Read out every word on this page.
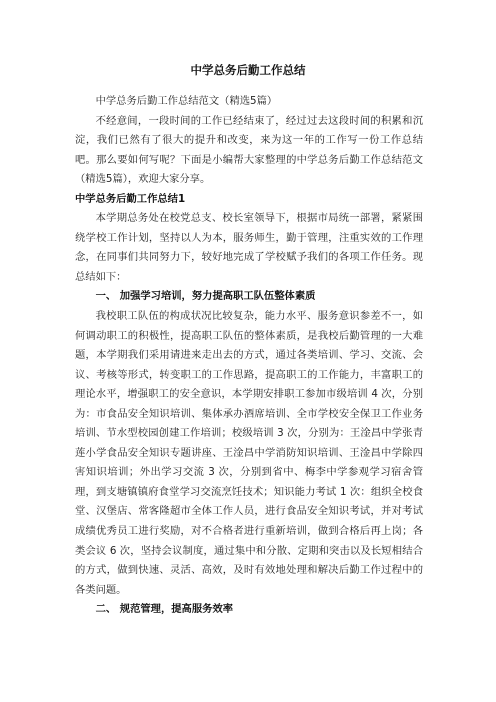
中学总务后勤工作总结

中学总务后勤工作总结范文（精选5篇）

不经意间，一段时间的工作已经结束了，经过过去这段时间的积累和沉淀，我们已然有了很大的提升和改变，来为这一年的工作写一份工作总结吧。那么要如何写呢？下面是小编帮大家整理的中学总务后勤工作总结范文（精选5篇），欢迎大家分享。

中学总务后勤工作总结1

本学期总务处在校党总支、校长室领导下，根据市局统一部署，紧紧围绕学校工作计划，坚持以人为本，服务师生，勤于管理，注重实效的工作理念，在同事们共同努力下，较好地完成了学校赋予我们的各项工作任务。现总结如下：

一、 加强学习培训，努力提高职工队伍整体素质

我校职工队伍的构成状况比较复杂，能力水平、服务意识参差不一，如何调动职工的积极性，提高职工队伍的整体素质，是我校后勤管理的一大难题，本学期我们采用请进来走出去的方式，通过各类培训、学习、交流、会议、考核等形式，转变职工的工作思路，提高职工的工作能力，丰富职工的理论水平，增强职工的安全意识，本学期安排职工参加市级培训 4 次，分别为：市食品安全知识培训、集体承办酒席培训、全市学校安全保卫工作业务培训、节水型校园创建工作培训；校级培训 3 次，分别为：王淦昌中学张青莲小学食品安全知识专题讲座、王淦昌中学消防知识培训、王淦昌中学除四害知识培训；外出学习交流 3 次，分别到省中、梅李中学参观学习宿舍管理，到支塘镇镇府食堂学习交流烹饪技术；知识能力考试 1 次：组织全校食堂、汉堡店、常客隆超市全体工作人员，进行食品安全知识考试，并对考试成绩优秀员工进行奖励，对不合格者进行重新培训，做到合格后再上岗；各类会议 6 次，坚持会议制度，通过集中和分散、定期和突击以及长短相结合的方式，做到快速、灵活、高效，及时有效地处理和解决后勤工作过程中的各类问题。

二、 规范管理，提高服务效率
